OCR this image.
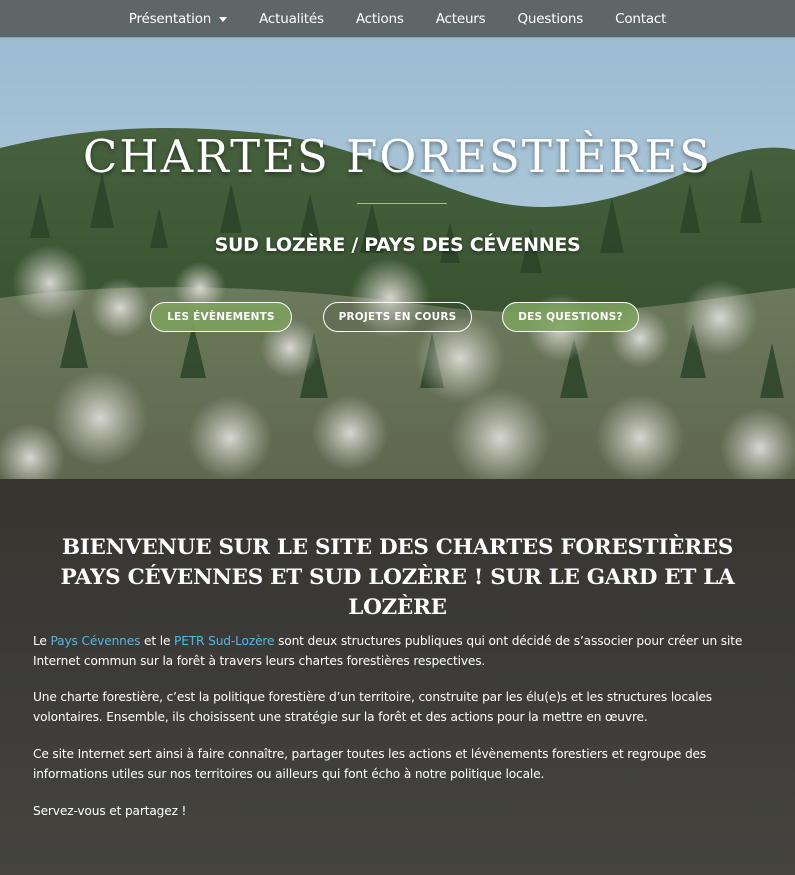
Présentation	Actualités Actions Acteurs Questions Contact
CHARTES FORESTIÈRES
SUD LOZÈRE / PAYS DES CÉVENNES
LES ÉVÈNEMENTS	PROJETS EN COURS	DES QUESTIONS?
BIENVENUE SUR LE SITE DES CHARTES FORESTIÈRES PAYS CÉVENNES ET SUD LOZÈRE ! SUR LE GARD ET LA LOZÈRE

Le Pays Cévennes et le PETR Sud-Lozère sont deux structures publiques qui ont décidé de s’associer pour créer un site Internet commun sur la forêt à travers leurs chartes forestières respectives.

Une charte forestière, c’est la politique forestière d’un territoire, construite par les élu(e)s et les structures locales volontaires. Ensemble, ils choisissent une stratégie sur la forêt et des actions pour la mettre en œuvre.

Ce site Internet sert ainsi à faire connaître, partager toutes les actions et lévènements forestiers et regroupe des informations utiles sur nos territoires ou ailleurs qui font écho à notre politique locale.

Servez-vous et partagez !
